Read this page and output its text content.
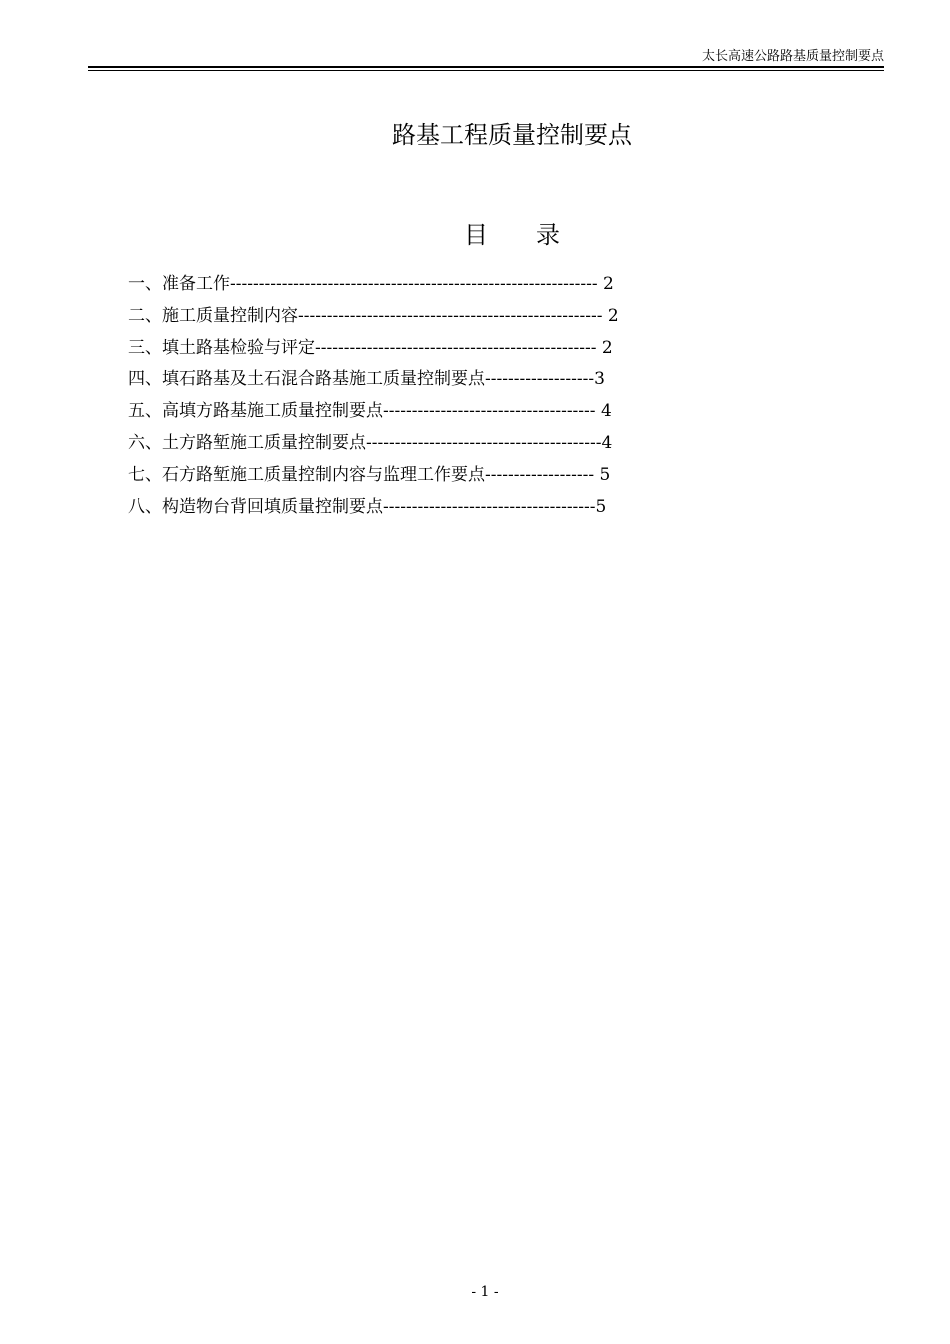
太长高速公路路基质量控制要点
路基工程质量控制要点
目　　录
一、准备工作---------------------------------------------------------------- 2
二、施工质量控制内容----------------------------------------------------- 2
三、填土路基检验与评定------------------------------------------------- 2
四、填石路基及土石混合路基施工质量控制要点-------------------3
五、高填方路基施工质量控制要点------------------------------------- 4
六、土方路堑施工质量控制要点-----------------------------------------4
七、石方路堑施工质量控制内容与监理工作要点------------------- 5
八、构造物台背回填质量控制要点-------------------------------------5
- 1 -
